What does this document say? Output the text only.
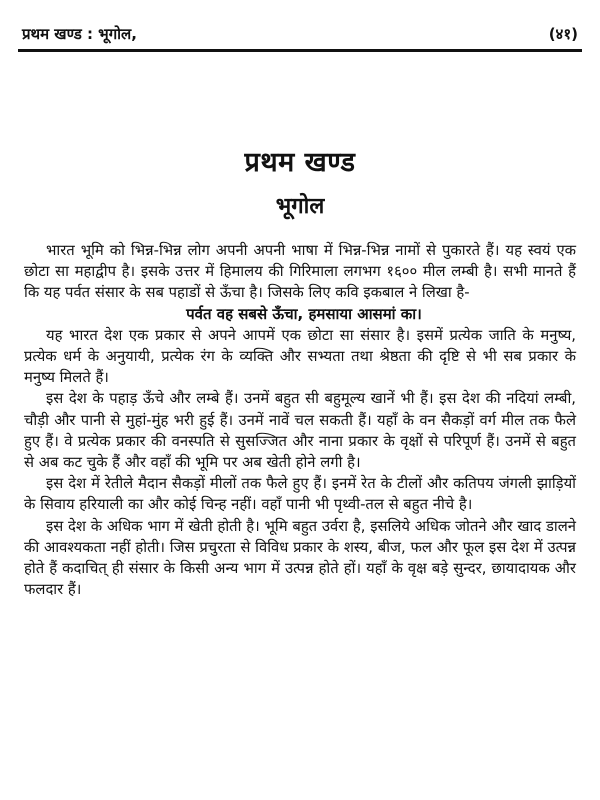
प्रथम खण्ड : भूगोल,	(४१)
प्रथम खण्ड
भूगोल

भारत भूमि को भिन्न-भिन्न लोग अपनी अपनी भाषा में भिन्न-भिन्न नामों से पुकारते हैं। यह स्वयं एक छोटा सा महाद्वीप है। इसके उत्तर में हिमालय की गिरिमाला लगभग १६०० मील लम्बी है। सभी मानते हैं कि यह पर्वत संसार के सब पहाडों से ऊँचा है। जिसके लिए कवि इकबाल ने लिखा है-

पर्वत वह सबसे ऊँचा, हमसाया आसमां का।

यह भारत देश एक प्रकार से अपने आपमें एक छोटा सा संसार है। इसमें प्रत्येक जाति के मनुष्य, प्रत्येक धर्म के अनुयायी, प्रत्येक रंग के व्यक्ति और सभ्यता तथा श्रेष्ठता की दृष्टि से भी सब प्रकार के मनुष्य मिलते हैं।

इस देश के पहाड़ ऊँचे और लम्बे हैं। उनमें बहुत सी बहुमूल्य खानें भी हैं। इस देश की नदियां लम्बी, चौड़ी और पानी से मुहां-मुंह भरी हुई हैं। उनमें नावें चल सकती हैं। यहाँ के वन सैकड़ों वर्ग मील तक फैले हुए हैं। वे प्रत्येक प्रकार की वनस्पति से सुसज्जित और नाना प्रकार के वृक्षों से परिपूर्ण हैं। उनमें से बहुत से अब कट चुके हैं और वहाँ की भूमि पर अब खेती होने लगी है।

इस देश में रेतीले मैदान सैकड़ों मीलों तक फैले हुए हैं। इनमें रेत के टीलों और कतिपय जंगली झाड़ियों के सिवाय हरियाली का और कोई चिन्ह नहीं। वहाँ पानी भी पृथ्वी-तल से बहुत नीचे है।

इस देश के अधिक भाग में खेती होती है। भूमि बहुत उर्वरा है, इसलिये अधिक जोतने और खाद डालने की आवश्यकता नहीं होती। जिस प्रचुरता से विविध प्रकार के शस्य, बीज, फल और फूल इस देश में उत्पन्न होते हैं कदाचित् ही संसार के किसी अन्य भाग में उत्पन्न होते हों। यहाँ के वृक्ष बड़े सुन्दर, छायादायक और फलदार हैं।
